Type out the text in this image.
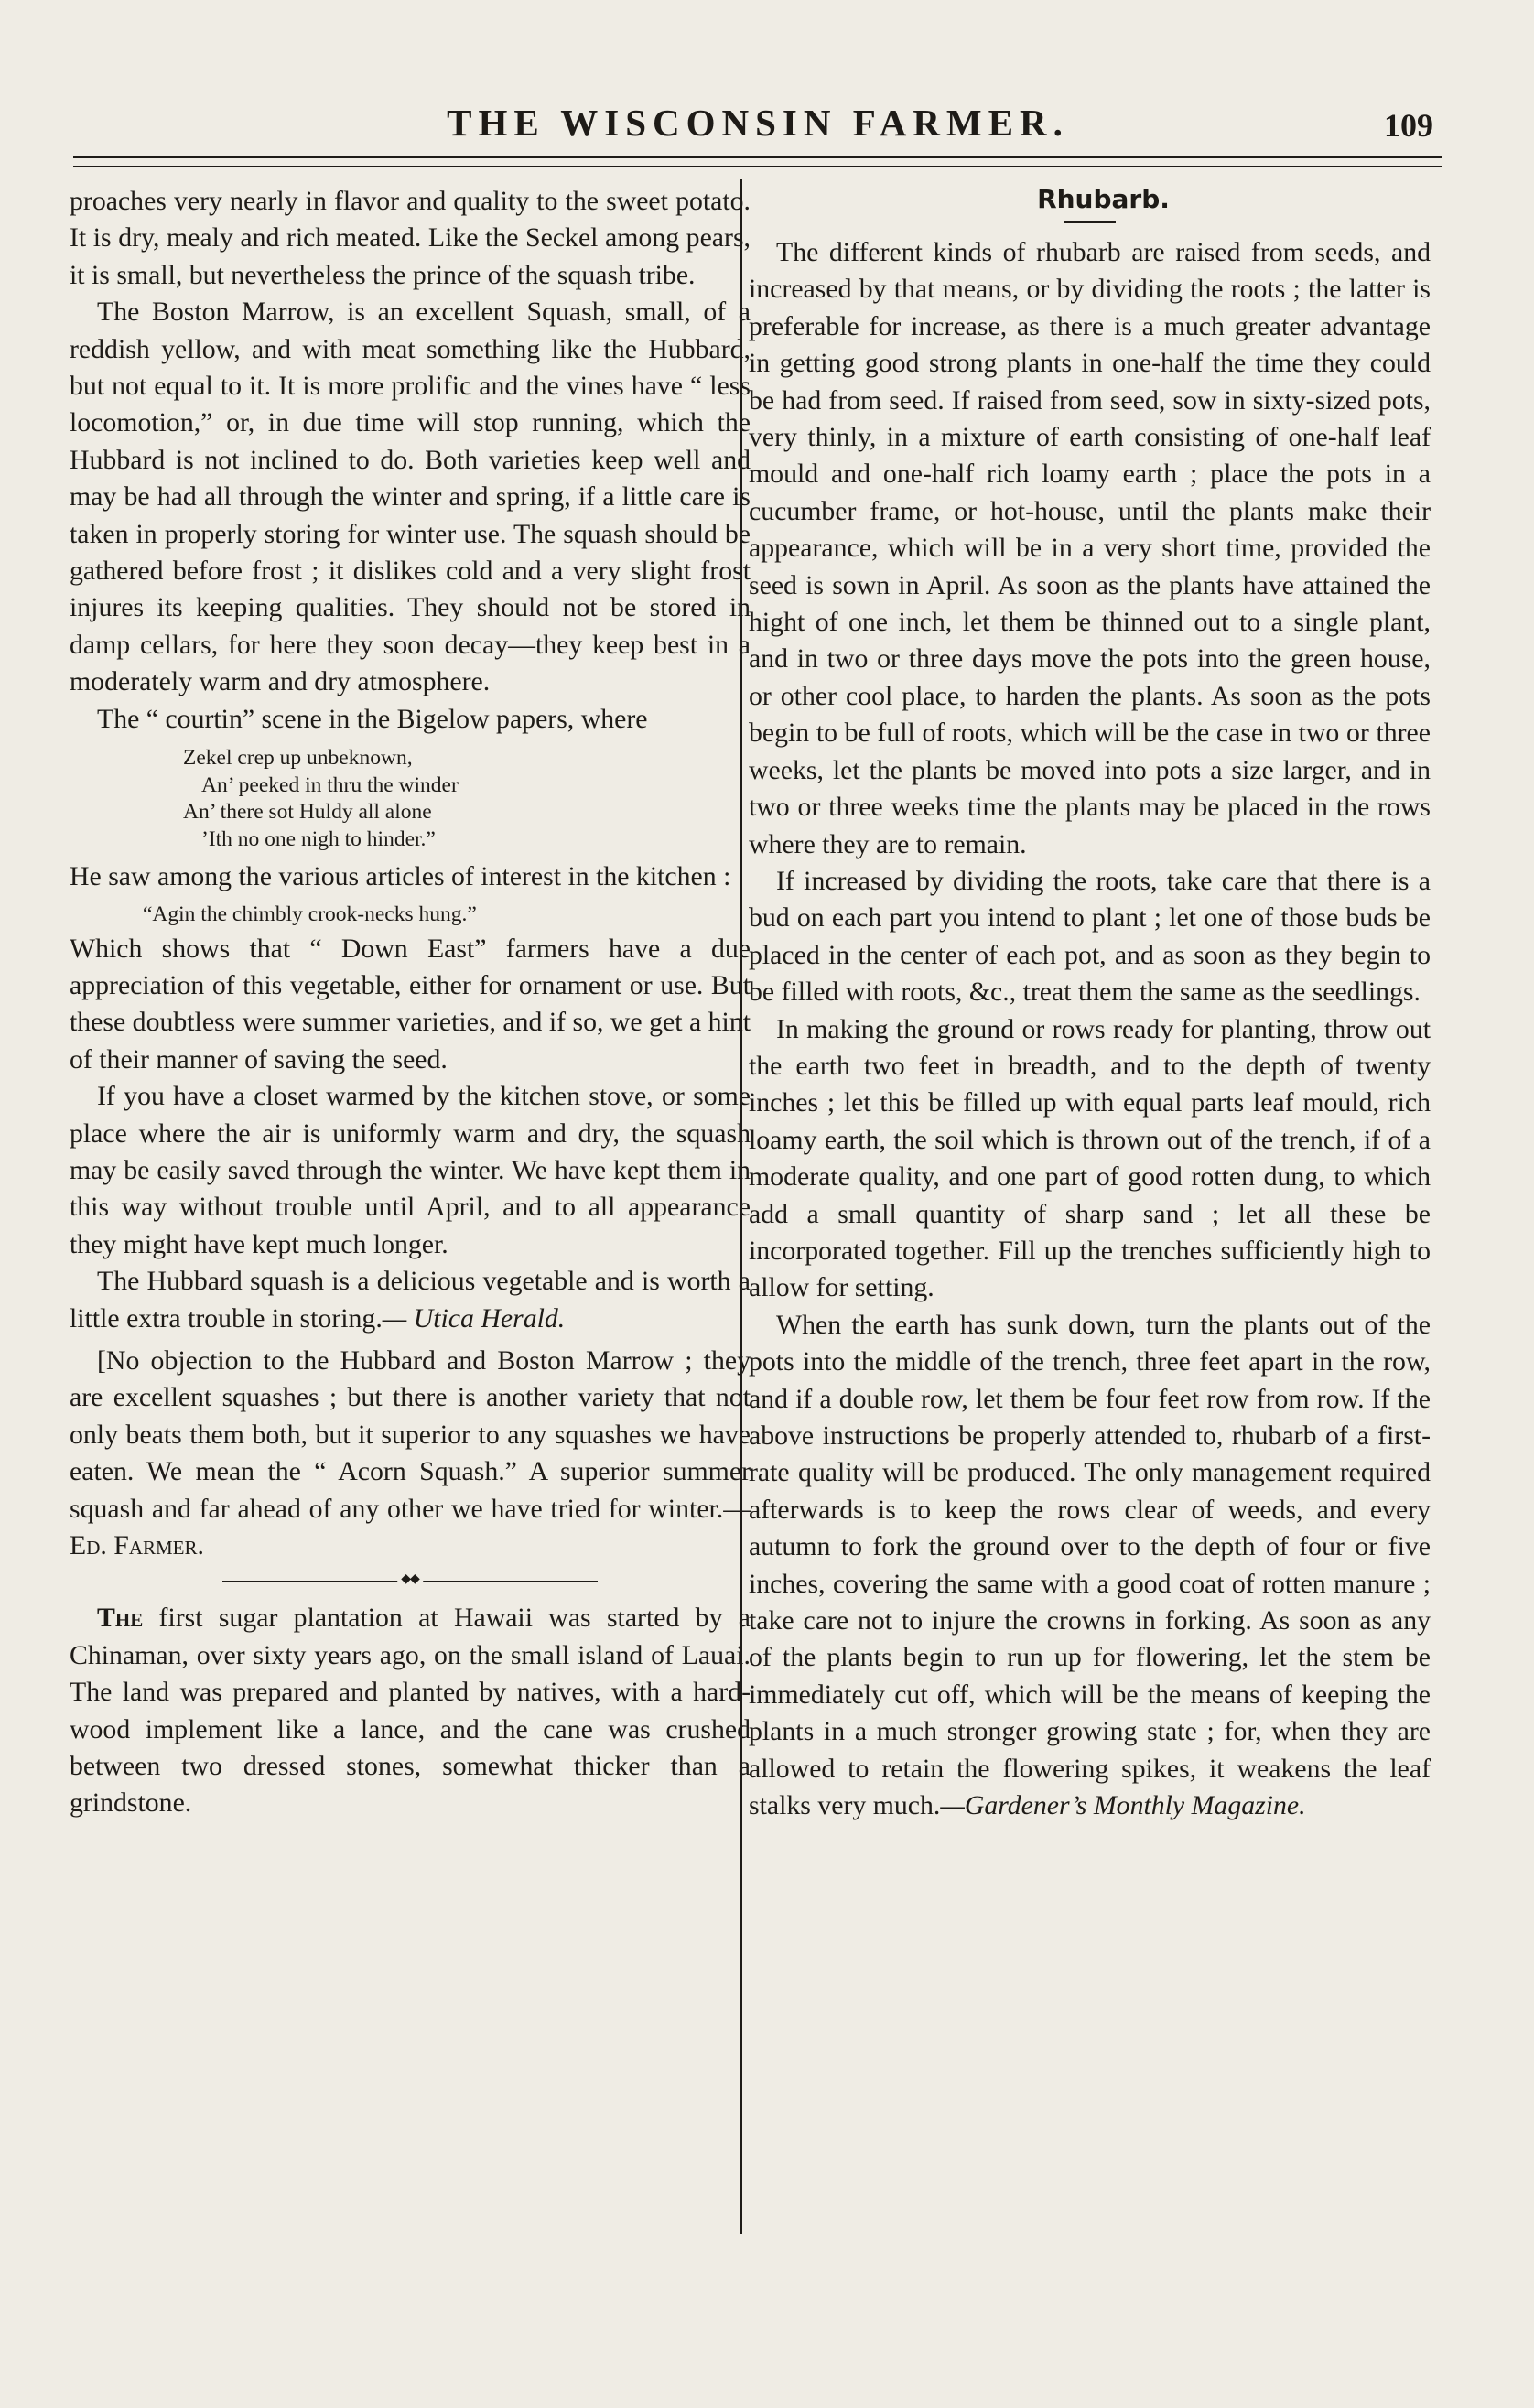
THE WISCONSIN FARMER.	109

proaches very nearly in flavor and quality to the sweet potato. It is dry, mealy and rich meated. Like the Seckel among pears, it is small, but nevertheless the prince of the squash tribe.

The Boston Marrow, is an excellent Squash, small, of a reddish yellow, and with meat something like the Hubbard, but not equal to it. It is more prolific and the vines have “ less locomotion,” or, in due time will stop running, which the Hubbard is not inclined to do. Both varieties keep well and may be had all through the winter and spring, if a little care is taken in properly storing for winter use. The squash should be gathered before frost ; it dislikes cold and a very slight frost injures its keeping qualities. They should not be stored in damp cellars, for here they soon decay—they keep best in a moderately warm and dry atmosphere.

The “ courtin” scene in the Bigelow papers, where

Zekel crep up unbeknown,
An’ peeked in thru the winder
An’ there sot Huldy all alone
’Ith no one nigh to hinder.”

He saw among the various articles of interest in the kitchen :

“Agin the chimbly crook-necks hung.”

Which shows that “ Down East” farmers have a due appreciation of this vegetable, either for ornament or use. But these doubtless were summer varieties, and if so, we get a hint of their manner of saving the seed.

If you have a closet warmed by the kitchen stove, or some place where the air is uniformly warm and dry, the squash may be easily saved through the winter. We have kept them in this way without trouble until April, and to all appearance they might have kept much longer.

The Hubbard squash is a delicious vegetable and is worth a little extra trouble in storing.— Utica Herald.

[No objection to the Hubbard and Boston Marrow ; they are excellent squashes ; but there is another variety that not only beats them both, but it superior to any squashes we have eaten. We mean the “ Acorn Squash.” A superior summer squash and far ahead of any other we have tried for winter.—Ed. Farmer.

◆◆

The first sugar plantation at Hawaii was started by a Chinaman, over sixty years ago, on the small island of Lauai. The land was prepared and planted by natives, with a hard-wood implement like a lance, and the cane was crushed between two dressed stones, somewhat thicker than a grindstone.

Rhubarb.

The different kinds of rhubarb are raised from seeds, and increased by that means, or by dividing the roots ; the latter is preferable for increase, as there is a much greater advantage in getting good strong plants in one-half the time they could be had from seed. If raised from seed, sow in sixty-sized pots, very thinly, in a mixture of earth consisting of one-half leaf mould and one-half rich loamy earth ; place the pots in a cucumber frame, or hot-house, until the plants make their appearance, which will be in a very short time, provided the seed is sown in April. As soon as the plants have attained the hight of one inch, let them be thinned out to a single plant, and in two or three days move the pots into the green house, or other cool place, to harden the plants. As soon as the pots begin to be full of roots, which will be the case in two or three weeks, let the plants be moved into pots a size larger, and in two or three weeks time the plants may be placed in the rows where they are to remain.

If increased by dividing the roots, take care that there is a bud on each part you intend to plant ; let one of those buds be placed in the center of each pot, and as soon as they begin to be filled with roots, &c., treat them the same as the seedlings.

In making the ground or rows ready for planting, throw out the earth two feet in breadth, and to the depth of twenty inches ; let this be filled up with equal parts leaf mould, rich loamy earth, the soil which is thrown out of the trench, if of a moderate quality, and one part of good rotten dung, to which add a small quantity of sharp sand ; let all these be incorporated together. Fill up the trenches sufficiently high to allow for setting.

When the earth has sunk down, turn the plants out of the pots into the middle of the trench, three feet apart in the row, and if a double row, let them be four feet row from row. If the above instructions be properly attended to, rhubarb of a first-rate quality will be produced. The only management required afterwards is to keep the rows clear of weeds, and every autumn to fork the ground over to the depth of four or five inches, covering the same with a good coat of rotten manure ; take care not to injure the crowns in forking. As soon as any of the plants begin to run up for flowering, let the stem be immediately cut off, which will be the means of keeping the plants in a much stronger growing state ; for, when they are allowed to retain the flowering spikes, it weakens the leaf stalks very much.—Gardener’s Monthly Magazine.
